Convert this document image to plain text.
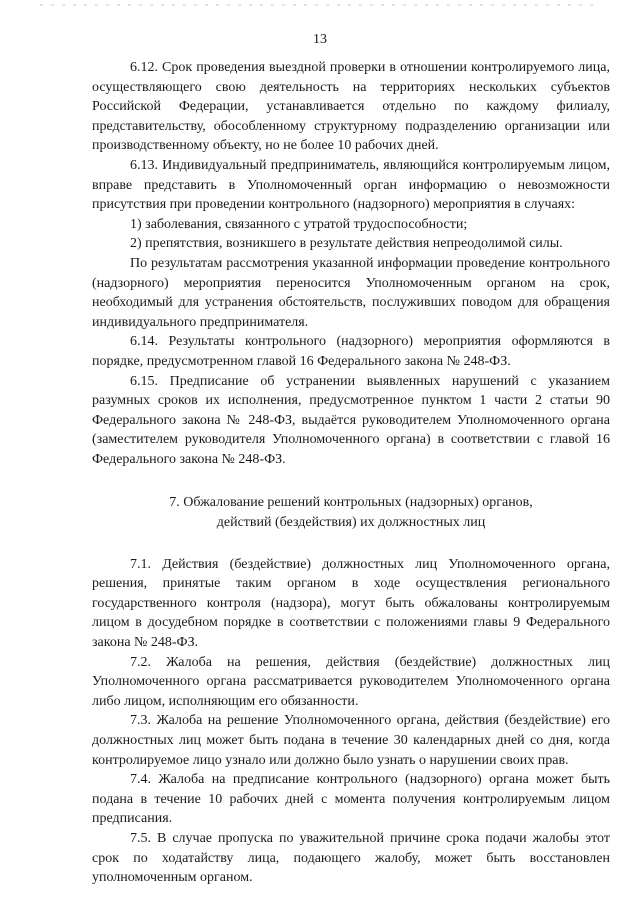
13

6.12. Срок проведения выездной проверки в отношении контролируемого лица, осуществляющего свою деятельность на территориях нескольких субъектов Российской Федерации, устанавливается отдельно по каждому филиалу, представительству, обособленному структурному подразделению организации или производственному объекту, но не более 10 рабочих дней.

6.13. Индивидуальный предприниматель, являющийся контролируемым лицом, вправе представить в Уполномоченный орган информацию о невозможности присутствия при проведении контрольного (надзорного) мероприятия в случаях:

1) заболевания, связанного с утратой трудоспособности;

2) препятствия, возникшего в результате действия непреодолимой силы.

По результатам рассмотрения указанной информации проведение контрольного (надзорного) мероприятия переносится Уполномоченным органом на срок, необходимый для устранения обстоятельств, послуживших поводом для обращения индивидуального предпринимателя.

6.14. Результаты контрольного (надзорного) мероприятия оформляются в порядке, предусмотренном главой 16 Федерального закона № 248-ФЗ.

6.15. Предписание об устранении выявленных нарушений с указанием разумных сроков их исполнения, предусмотренное пунктом 1 части 2 статьи 90 Федерального закона № 248-ФЗ, выдаётся руководителем Уполномоченного органа (заместителем руководителя Уполномоченного органа) в соответствии с главой 16 Федерального закона № 248-ФЗ.

7. Обжалование решений контрольных (надзорных) органов,
действий (бездействия) их должностных лиц

7.1. Действия (бездействие) должностных лиц Уполномоченного органа, решения, принятые таким органом в ходе осуществления регионального государственного контроля (надзора), могут быть обжалованы контролируемым лицом в досудебном порядке в соответствии с положениями главы 9 Федерального закона № 248-ФЗ.

7.2. Жалоба на решения, действия (бездействие) должностных лиц Уполномоченного органа рассматривается руководителем Уполномоченного органа либо лицом, исполняющим его обязанности.

7.3. Жалоба на решение Уполномоченного органа, действия (бездействие) его должностных лиц может быть подана в течение 30 календарных дней со дня, когда контролируемое лицо узнало или должно было узнать о нарушении своих прав.

7.4. Жалоба на предписание контрольного (надзорного) органа может быть подана в течение 10 рабочих дней с момента получения контролируемым лицом предписания.

7.5. В случае пропуска по уважительной причине срока подачи жалобы этот срок по ходатайству лица, подающего жалобу, может быть восстановлен уполномоченным органом.
